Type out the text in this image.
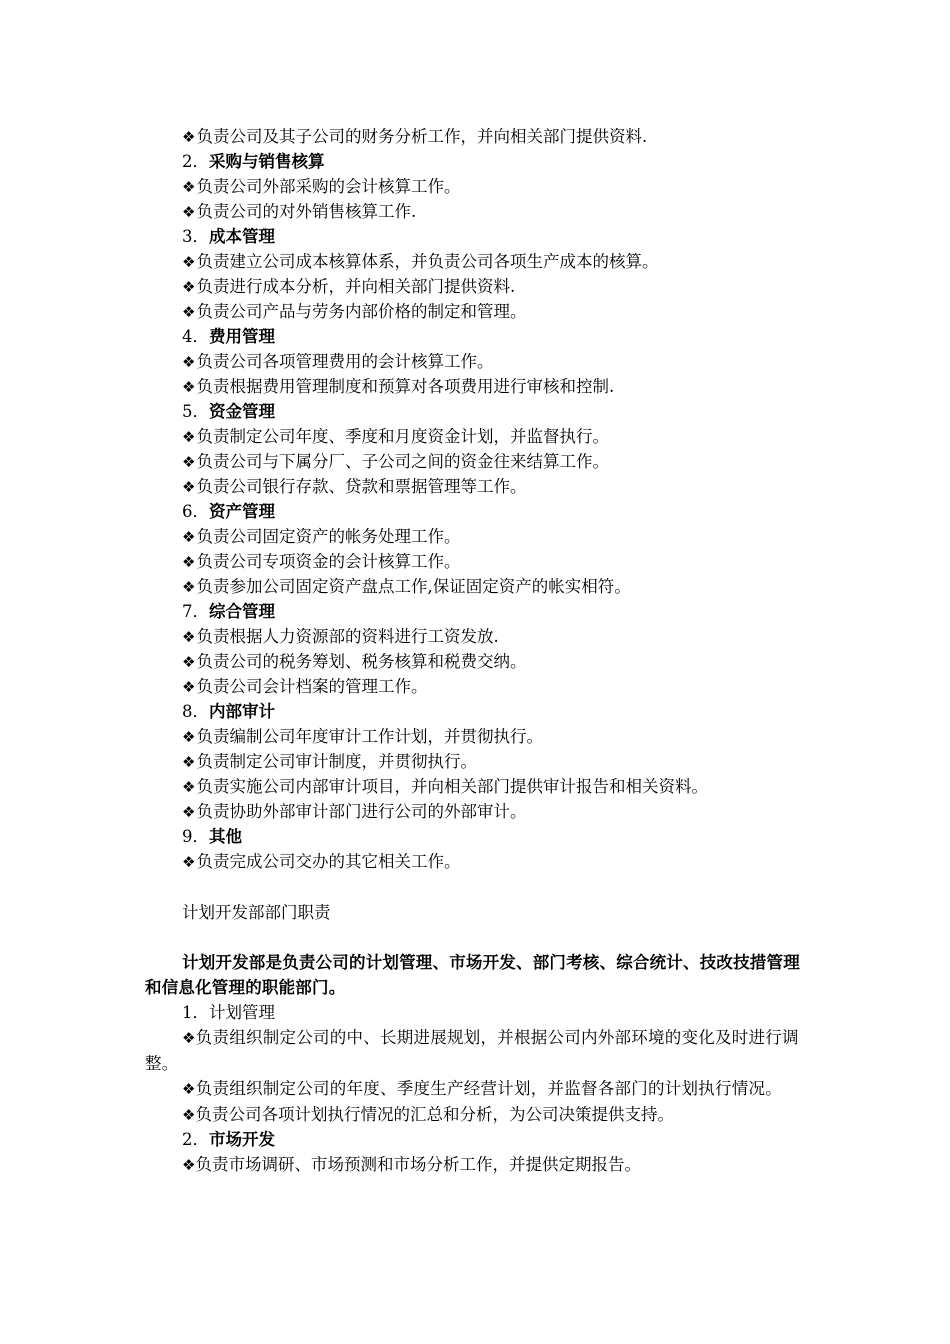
❖负责公司及其子公司的财务分析工作，并向相关部门提供资料.
2．采购与销售核算
❖负责公司外部采购的会计核算工作。
❖负责公司的对外销售核算工作.
3．成本管理
❖负责建立公司成本核算体系，并负责公司各项生产成本的核算。
❖负责进行成本分析，并向相关部门提供资料.
❖负责公司产品与劳务内部价格的制定和管理。
4．费用管理
❖负责公司各项管理费用的会计核算工作。
❖负责根据费用管理制度和预算对各项费用进行审核和控制.
5．资金管理
❖负责制定公司年度、季度和月度资金计划，并监督执行。
❖负责公司与下属分厂、子公司之间的资金往来结算工作。
❖负责公司银行存款、贷款和票据管理等工作。
6．资产管理
❖负责公司固定资产的帐务处理工作。
❖负责公司专项资金的会计核算工作。
❖负责参加公司固定资产盘点工作,保证固定资产的帐实相符。
7．综合管理
❖负责根据人力资源部的资料进行工资发放.
❖负责公司的税务筹划、税务核算和税费交纳。
❖负责公司会计档案的管理工作。
8．内部审计
❖负责编制公司年度审计工作计划，并贯彻执行。
❖负责制定公司审计制度，并贯彻执行。
❖负责实施公司内部审计项目，并向相关部门提供审计报告和相关资料。
❖负责协助外部审计部门进行公司的外部审计。
9．其他
❖负责完成公司交办的其它相关工作。
计划开发部部门职责
计划开发部是负责公司的计划管理、市场开发、部门考核、综合统计、技改技措管理和信息化管理的职能部门。
1．计划管理
❖负责组织制定公司的中、长期进展规划，并根据公司内外部环境的变化及时进行调整。
❖负责组织制定公司的年度、季度生产经营计划，并监督各部门的计划执行情况。
❖负责公司各项计划执行情况的汇总和分析，为公司决策提供支持。
2．市场开发
❖负责市场调研、市场预测和市场分析工作，并提供定期报告。
